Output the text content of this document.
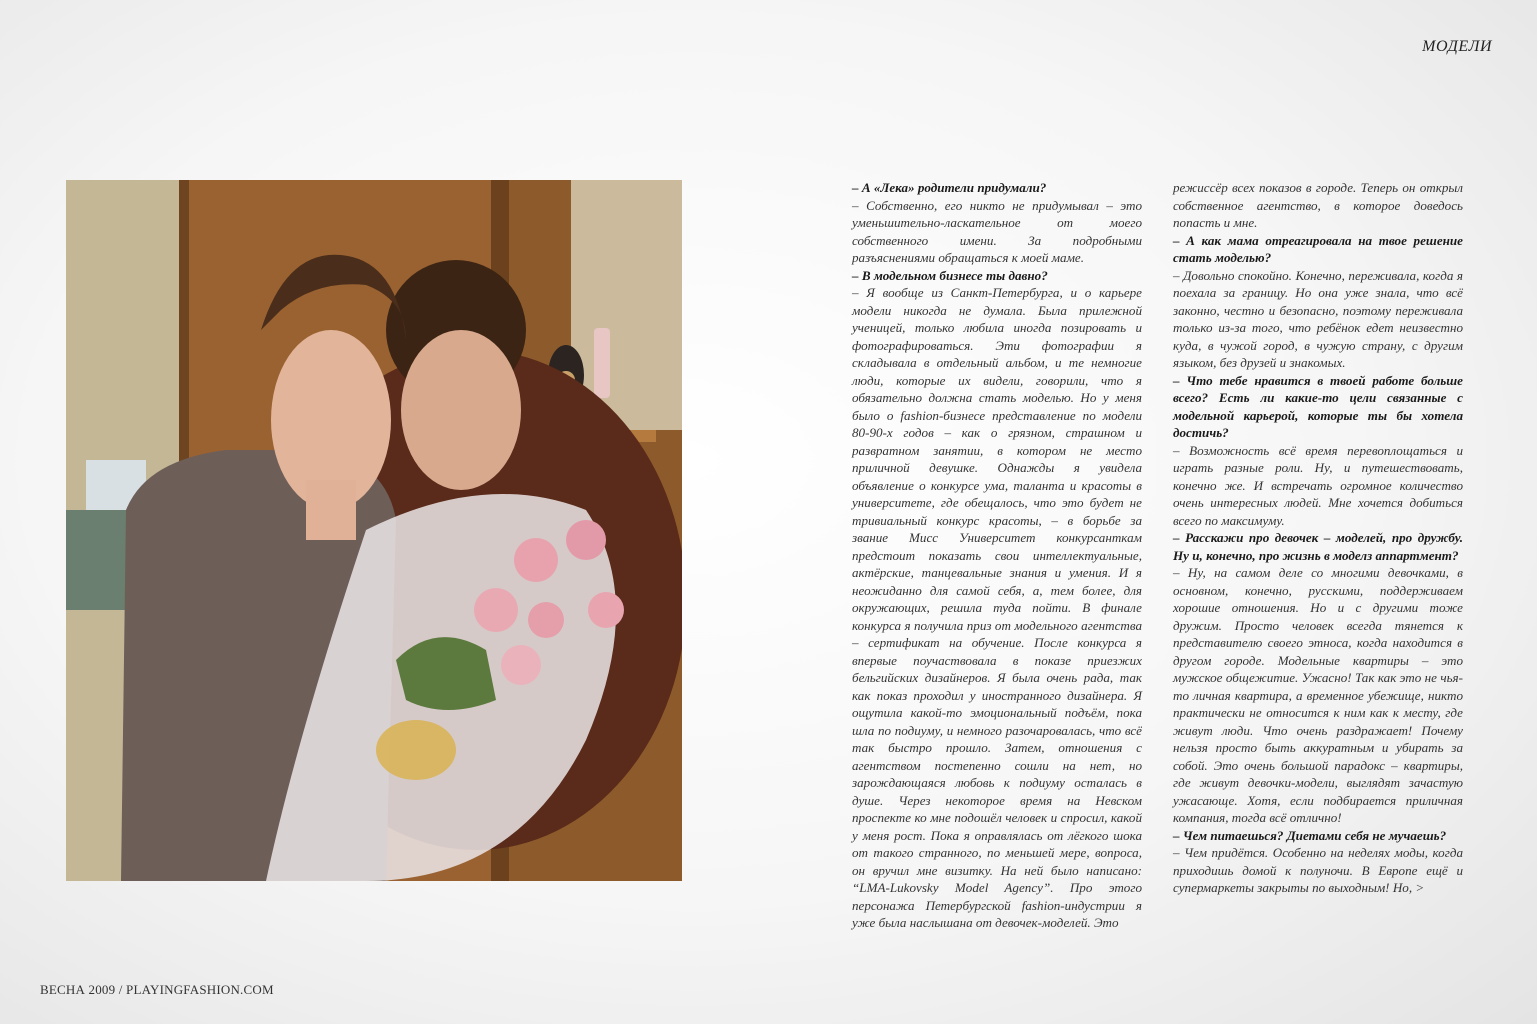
МОДЕЛИ

– А «Лека» родители придумали?

– Собственно, его никто не придумывал – это уменьшительно-ласкательное от моего собственного имени. За подробными разъяснениями обращаться к моей маме.

– В модельном бизнесе ты давно?

– Я вообще из Санкт-Петербурга, и о карьере модели никогда не думала. Была прилежной ученицей, только любила иногда позировать и фотографироваться. Эти фотографии я складывала в отдельный альбом, и те немногие люди, которые их видели, говорили, что я обязательно должна стать моделью. Но у меня было о fashion-бизнесе представление по модели 80-90-х годов – как о грязном, страшном и развратном занятии, в котором не место приличной девушке. Однажды я увидела объявление о конкурсе ума, таланта и красоты в университете, где обещалось, что это будет не тривиальный конкурс красоты, – в борьбе за звание Мисс Университет конкурсанткам предстоит показать свои интеллектуальные, актёрские, танцевальные знания и умения. И я неожиданно для самой себя, а, тем более, для окружающих, решила туда пойти. В финале конкурса я получила приз от модельного агентства – сертификат на обучение. После конкурса я впервые поучаствовала в показе приезжих бельгийских дизайнеров. Я была очень рада, так как показ проходил у иностранного дизайнера. Я ощутила какой-то эмоциональный подъём, пока шла по подиуму, и немного разочаровалась, что всё так быстро прошло. Затем, отношения с агентством постепенно сошли на нет, но зарождающаяся любовь к подиуму осталась в душе. Через некоторое время на Невском проспекте ко мне подошёл человек и спросил, какой у меня рост. Пока я оправлялась от лёгкого шока от такого странного, по меньшей мере, вопроса, он вручил мне визитку. На ней было написано: “LMA-Lukovsky Model Agency”. Про этого персонажа Петербургской fashion-индустрии я уже была наслышана от девочек-моделей. Это

режиссёр всех показов в городе. Теперь он открыл собственное агентство, в которое доведось попасть и мне.

– А как мама отреагировала на твое решение стать моделью?

– Довольно спокойно. Конечно, переживала, когда я поехала за границу. Но она уже знала, что всё законно, честно и безопасно, поэтому переживала только из-за того, что ребёнок едет неизвестно куда, в чужой город, в чужую страну, с другим языком, без друзей и знакомых.

– Что тебе нравится в твоей работе больше всего? Есть ли какие-то цели связанные с модельной карьерой, которые ты бы хотела достичь?

– Возможность всё время перевоплощаться и играть разные роли. Ну, и путешествовать, конечно же. И встречать огромное количество очень интересных людей. Мне хочется добиться всего по максимуму.

– Расскажи про девочек – моделей, про дружбу. Ну и, конечно, про жизнь в моделз аппартмент?

– Ну, на самом деле со многими девочками, в основном, конечно, русскими, поддерживаем хорошие отношения. Но и с другими тоже дружим. Просто человек всегда тянется к представителю своего этноса, когда находится в другом городе. Модельные квартиры – это мужское общежитие. Ужасно! Так как это не чья-то личная квартира, а временное убежище, никто практически не относится к ним как к месту, где живут люди. Что очень раздражает! Почему нельзя просто быть аккуратным и убирать за собой. Это очень большой парадокс – квартиры, где живут девочки-модели, выглядят зачастую ужасающе. Хотя, если подбирается приличная компания, тогда всё отлично!

– Чем питаешься? Диетами себя не мучаешь?

– Чем придётся. Особенно на неделях моды, когда приходишь домой к полуночи. В Европе ещё и супермаркеты закрыты по выходным! Но, >

ВЕСНА 2009 / PLAYINGFASHION.COM
